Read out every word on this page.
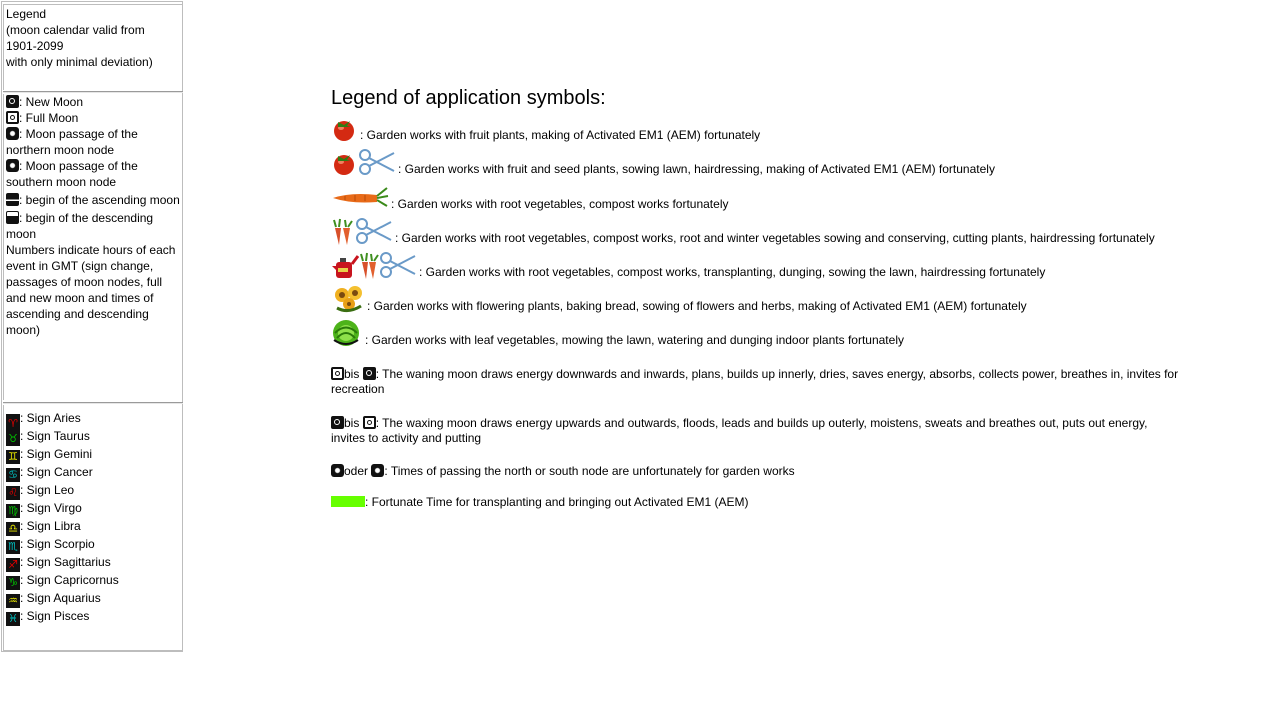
Legend
(moon calendar valid from
1901-2099
with only minimal deviation)
: New Moon
: Full Moon
: Moon passage of the northern moon node
: Moon passage of the southern moon node
: begin of the ascending moon
: begin of the descending moon
Numbers indicate hours of each event in GMT (sign change, passages of moon nodes, full and new moon and times of ascending and descending moon)
♈ : Sign Aries
♉ : Sign Taurus
♊ : Sign Gemini
♋ : Sign Cancer
♌ : Sign Leo
♍ : Sign Virgo
♎ : Sign Libra
♏ : Sign Scorpio
♐ : Sign Sagittarius
♑ : Sign Capricornus
♒ : Sign Aquarius
♓ : Sign Pisces
Legend of application symbols:
: Garden works with fruit plants, making of Activated EM1 (AEM) fortunately
: Garden works with fruit and seed plants, sowing lawn, hairdressing, making of Activated EM1 (AEM) fortunately
: Garden works with root vegetables, compost works fortunately
: Garden works with root vegetables, compost works, root and winter vegetables sowing and conserving, cutting plants, hairdressing fortunately
: Garden works with root vegetables, compost works, transplanting, dunging, sowing the lawn, hairdressing fortunately
: Garden works with flowering plants, baking bread, sowing of flowers and herbs, making of Activated EM1 (AEM) fortunately
: Garden works with leaf vegetables, mowing the lawn, watering and dunging indoor plants fortunately
bis : The waning moon draws energy downwards and inwards, plans, builds up innerly, dries, saves energy, absorbs, collects power, breathes in, invites for recreation
bis : The waxing moon draws energy upwards and outwards, floods, leads and builds up outerly, moistens, sweats and breathes out, puts out energy, invites to activity and putting
oder : Times of passing the north or south node are unfortunately for garden works
: Fortunate Time for transplanting and bringing out Activated EM1 (AEM)
